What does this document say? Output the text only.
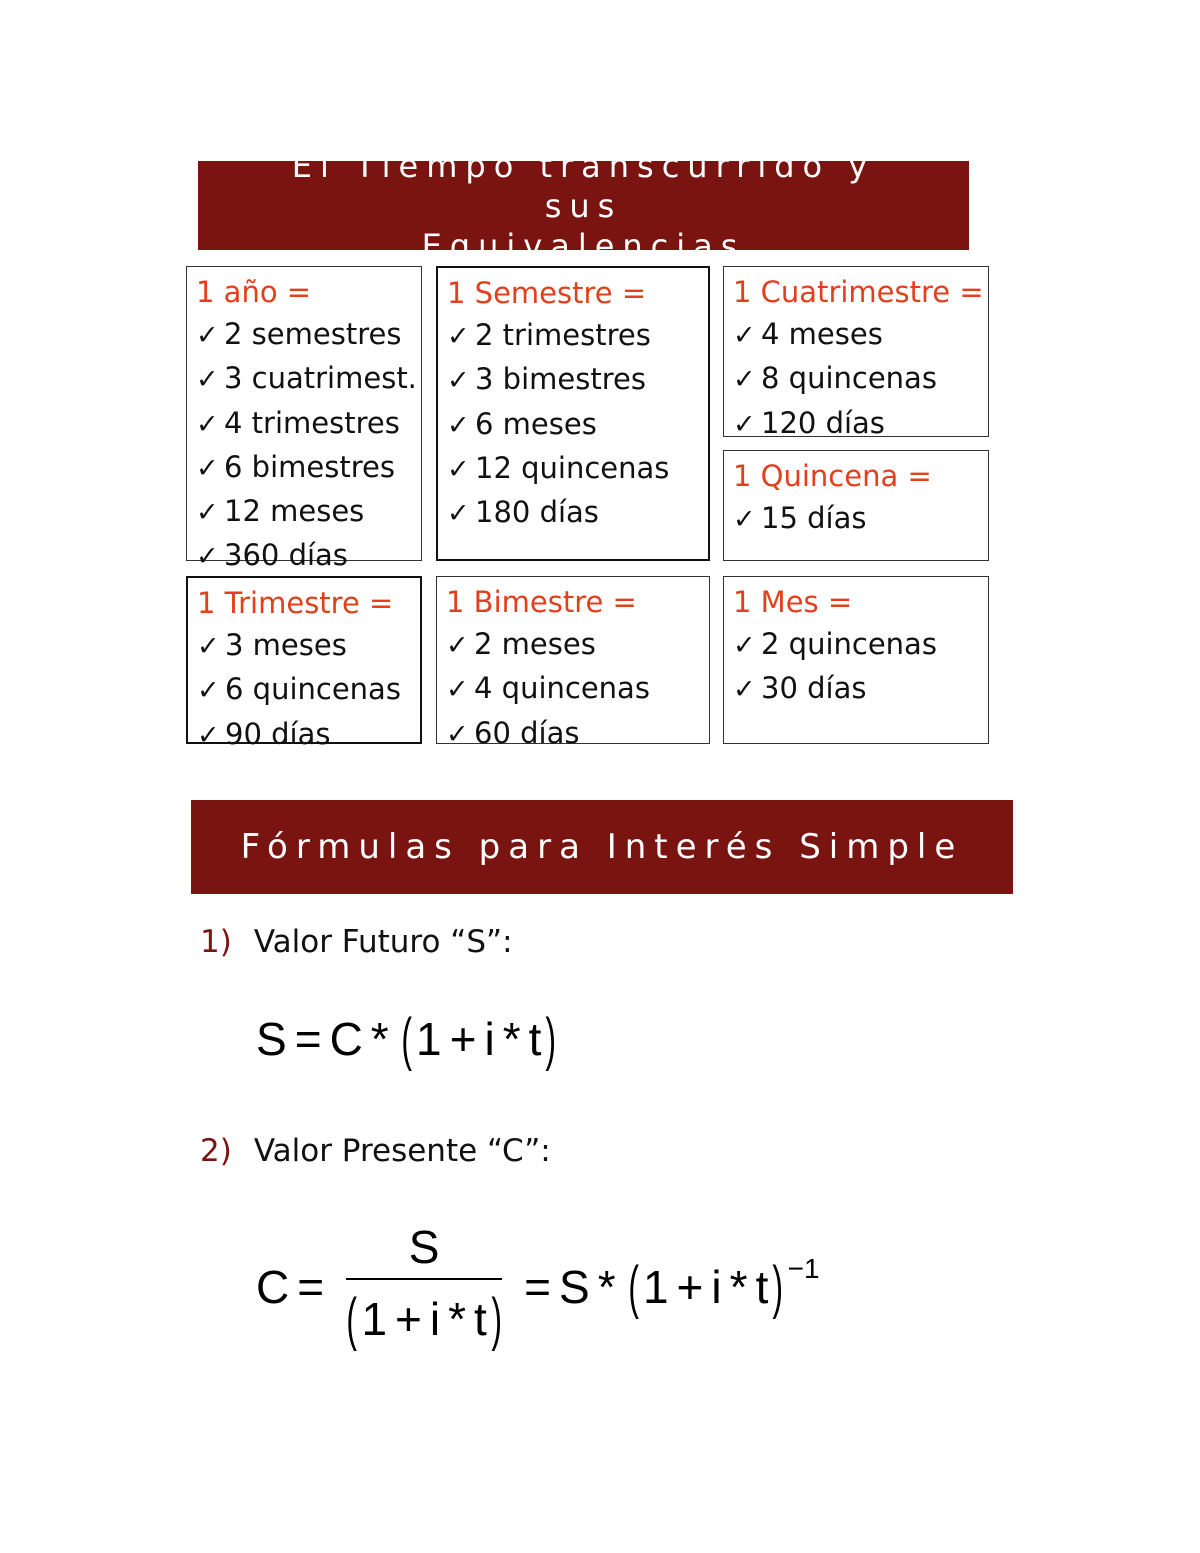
El Tiempo transcurrido y sus
Equivalencias
1 año =
✓ 2 semestres
✓ 3 cuatrimest.
✓ 4 trimestres
✓ 6 bimestres
✓ 12 meses
✓ 360 días
1 Semestre =
✓ 2 trimestres
✓ 3 bimestres
✓ 6 meses
✓ 12 quincenas
✓ 180 días
1 Cuatrimestre =
✓ 4 meses
✓ 8 quincenas
✓ 120 días
1 Quincena =
✓ 15 días
1 Trimestre =
✓ 3 meses
✓ 6 quincenas
✓ 90 días
1 Bimestre =
✓ 2 meses
✓ 4 quincenas
✓ 60 días
1 Mes =
✓ 2 quincenas
✓ 30 días
Fórmulas para Interés Simple
1) Valor Futuro “S”:
S = C * ( 1 + i * t )
2) Valor Presente “C”:
$C = \frac{S}{( 1 + i * t )} = S$ * ( 1 + i * t )$^{-1}$
